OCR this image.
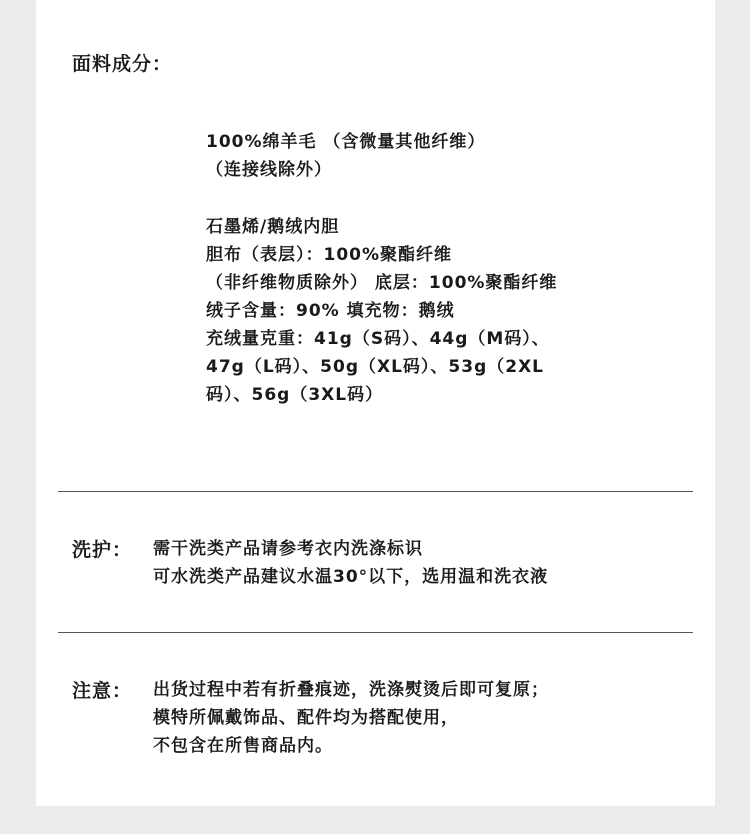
面料成分：
100%绵羊毛 （含微量其他纤维）
（连接线除外）
石墨烯/鹅绒内胆
胆布（表层）：100%聚酯纤维
（非纤维物质除外） 底层：100%聚酯纤维
绒子含量：90% 填充物：鹅绒
充绒量克重：41g（S码）、44g（M码）、
47g（L码）、50g（XL码）、53g（2XL
码）、56g（3XL码）
洗护： 需干洗类产品请参考衣内洗涤标识
可水洗类产品建议水温30°以下，选用温和洗衣液
注意： 出货过程中若有折叠痕迹，洗涤熨烫后即可复原；
模特所佩戴饰品、配件均为搭配使用，
不包含在所售商品内。
